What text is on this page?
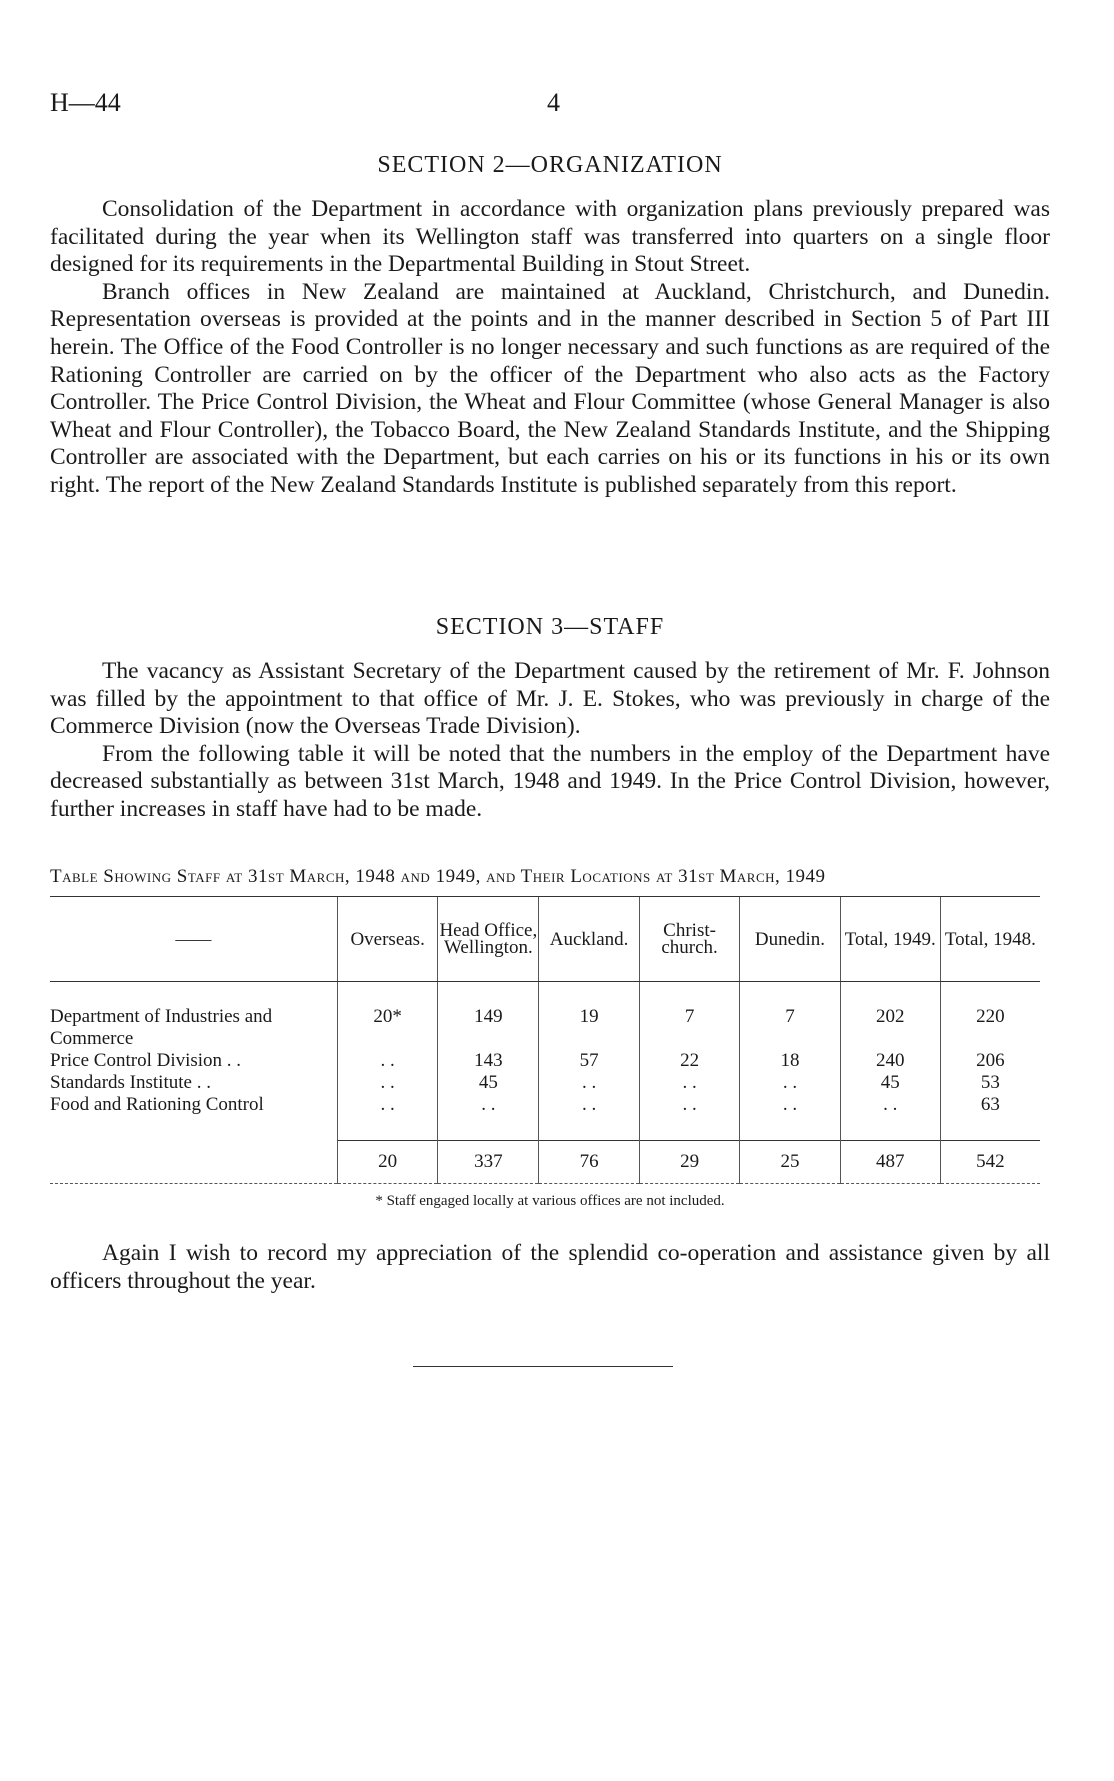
H—44	4
SECTION 2—ORGANIZATION

Consolidation of the Department in accordance with organization plans previously prepared was facilitated during the year when its Wellington staff was transferred into quarters on a single floor designed for its requirements in the Departmental Building in Stout Street.

Branch offices in New Zealand are maintained at Auckland, Christchurch, and Dunedin. Representation overseas is provided at the points and in the manner described in Section 5 of Part III herein. The Office of the Food Controller is no longer necessary and such functions as are required of the Rationing Controller are carried on by the officer of the Department who also acts as the Factory Controller. The Price Control Division, the Wheat and Flour Committee (whose General Manager is also Wheat and Flour Controller), the Tobacco Board, the New Zealand Standards Institute, and the Shipping Controller are associated with the Department, but each carries on his or its functions in his or its own right. The report of the New Zealand Standards Institute is published separately from this report.

SECTION 3—STAFF

The vacancy as Assistant Secretary of the Department caused by the retirement of Mr. F. Johnson was filled by the appointment to that office of Mr. J. E. Stokes, who was previously in charge of the Commerce Division (now the Overseas Trade Division).

From the following table it will be noted that the numbers in the employ of the Department have decreased substantially as between 31st March, 1948 and 1949. In the Price Control Division, however, further increases in staff have had to be made.

Table Showing Staff at 31st March, 1948 and 1949, and Their Locations at 31st March, 1949
——	Overseas.	Head Office, Wellington.	Auckland.	Christ- church.	Dunedin.	Total, 1949.	Total, 1948.

Department of Industries and Commerce	20*	149	19	7	7	202	220
Price Control Division . .	. .	143	57	22	18	240	206
Standards Institute . .	. .	45	. .	. .	. .	45	53
Food and Rationing Control	. .	. .	. .	. .	. .	. .	63

	20	337	76	29	25	487	542

* Staff engaged locally at various offices are not included.

Again I wish to record my appreciation of the splendid co-operation and assistance given by all officers throughout the year.
